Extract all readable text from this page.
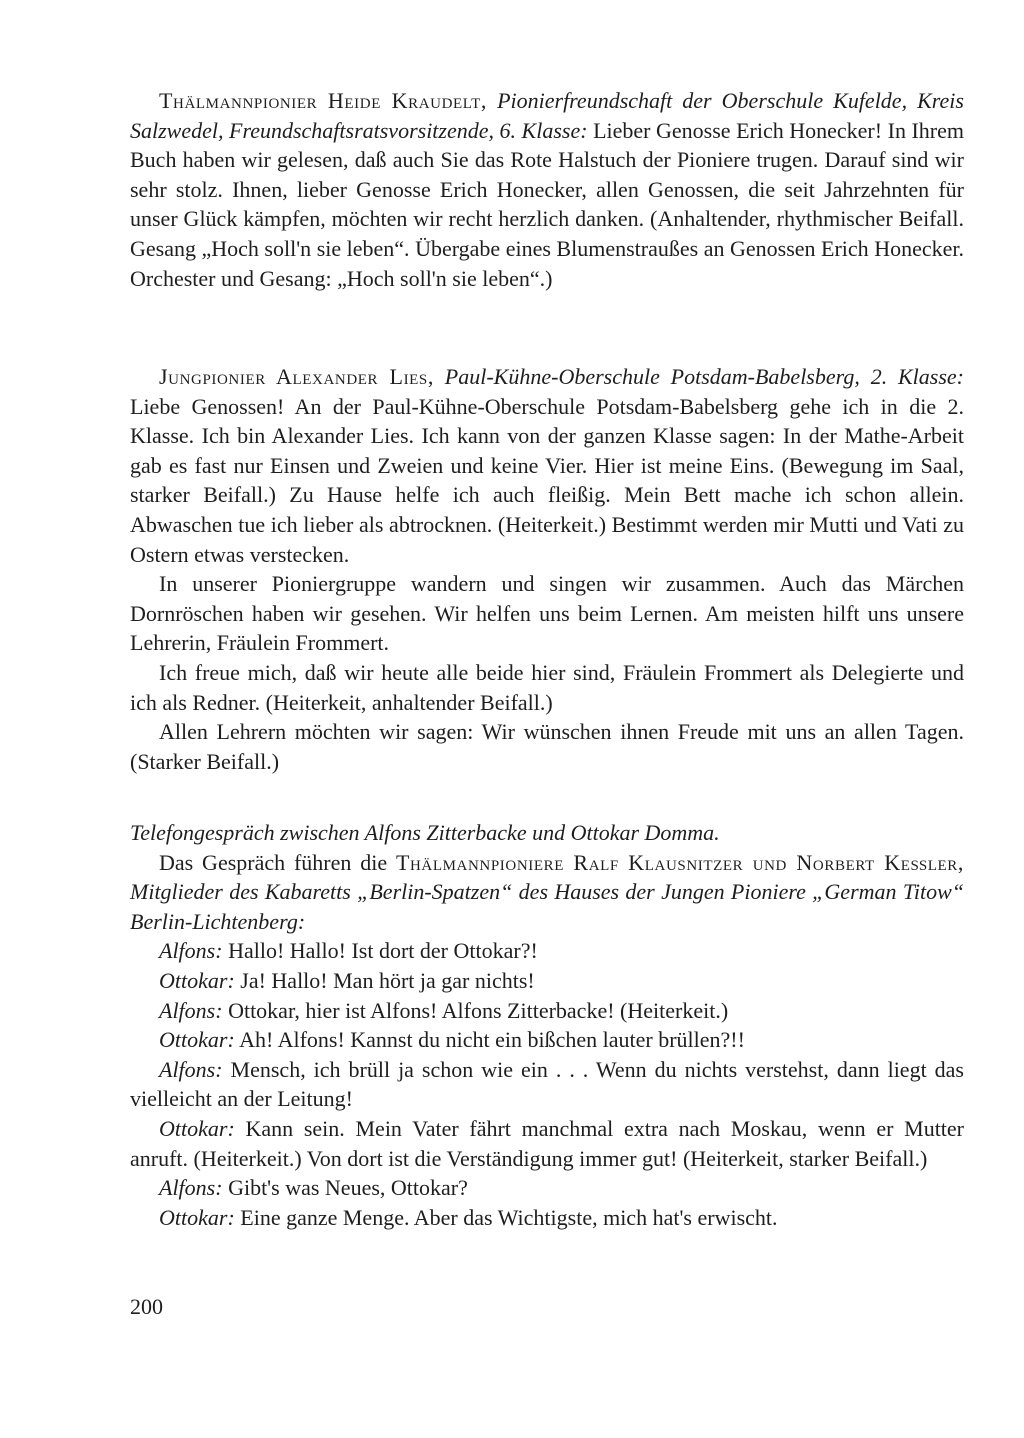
Thälmannpionier Heide Kraudelt, Pionierfreundschaft der Oberschule Kufelde, Kreis Salzwedel, Freundschaftsratsvorsitzende, 6. Klasse: Lieber Genosse Erich Honecker! In Ihrem Buch haben wir gelesen, daß auch Sie das Rote Halstuch der Pioniere trugen. Darauf sind wir sehr stolz. Ihnen, lieber Genosse Erich Honecker, allen Genossen, die seit Jahrzehnten für unser Glück kämpfen, möchten wir recht herzlich danken. (Anhaltender, rhythmischer Beifall. Gesang „Hoch soll'n sie leben“. Übergabe eines Blumenstraußes an Genossen Erich Honecker. Orchester und Gesang: „Hoch soll'n sie leben“.)

Jungpionier Alexander Lies, Paul-Kühne-Oberschule Potsdam-Babelsberg, 2. Klasse: Liebe Genossen! An der Paul-Kühne-Oberschule Potsdam-Babelsberg gehe ich in die 2. Klasse. Ich bin Alexander Lies. Ich kann von der ganzen Klasse sagen: In der Mathe-Arbeit gab es fast nur Einsen und Zweien und keine Vier. Hier ist meine Eins. (Bewegung im Saal, starker Beifall.) Zu Hause helfe ich auch fleißig. Mein Bett mache ich schon allein. Abwaschen tue ich lieber als abtrocknen. (Heiterkeit.) Bestimmt werden mir Mutti und Vati zu Ostern etwas verstecken.

In unserer Pioniergruppe wandern und singen wir zusammen. Auch das Märchen Dornröschen haben wir gesehen. Wir helfen uns beim Lernen. Am meisten hilft uns unsere Lehrerin, Fräulein Frommert.

Ich freue mich, daß wir heute alle beide hier sind, Fräulein Frommert als Delegierte und ich als Redner. (Heiterkeit, anhaltender Beifall.)

Allen Lehrern möchten wir sagen: Wir wünschen ihnen Freude mit uns an allen Tagen. (Starker Beifall.)

Telefongespräch zwischen Alfons Zitterbacke und Ottokar Domma.

Das Gespräch führen die Thälmannpioniere Ralf Klausnitzer und Norbert Keßler, Mitglieder des Kabaretts „Berlin-Spatzen“ des Hauses der Jungen Pioniere „German Titow“ Berlin-Lichtenberg:

Alfons: Hallo! Hallo! Ist dort der Ottokar?!

Ottokar: Ja! Hallo! Man hört ja gar nichts!

Alfons: Ottokar, hier ist Alfons! Alfons Zitterbacke! (Heiterkeit.)

Ottokar: Ah! Alfons! Kannst du nicht ein bißchen lauter brüllen?!!

Alfons: Mensch, ich brüll ja schon wie ein . . . Wenn du nichts verstehst, dann liegt das vielleicht an der Leitung!

Ottokar: Kann sein. Mein Vater fährt manchmal extra nach Moskau, wenn er Mutter anruft. (Heiterkeit.) Von dort ist die Verständigung immer gut! (Heiterkeit, starker Beifall.)

Alfons: Gibt's was Neues, Ottokar?

Ottokar: Eine ganze Menge. Aber das Wichtigste, mich hat's erwischt.

200
